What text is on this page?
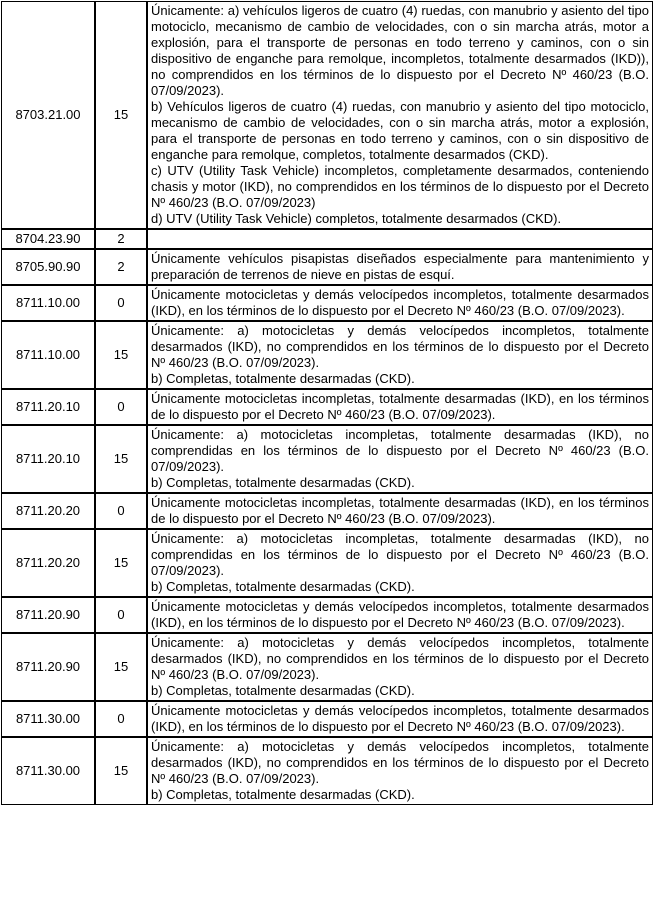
8703.21.00	15	Únicamente: a) vehículos ligeros de cuatro (4) ruedas, con manubrio y asiento del tipo motociclo, mecanismo de cambio de velocidades, con o sin marcha atrás, motor a explosión, para el transporte de personas en todo terreno y caminos, con o sin dispositivo de enganche para remolque, incompletos, totalmente desarmados (IKD)), no comprendidos en los términos de lo dispuesto por el Decreto Nº 460/23 (B.O. 07/09/2023).
b) Vehículos ligeros de cuatro (4) ruedas, con manubrio y asiento del tipo motociclo, mecanismo de cambio de velocidades, con o sin marcha atrás, motor a explosión, para el transporte de personas en todo terreno y caminos, con o sin dispositivo de enganche para remolque, completos, totalmente desarmados (CKD).
c) UTV (Utility Task Vehicle) incompletos, completamente desarmados, conteniendo chasis y motor (IKD), no comprendidos en los términos de lo dispuesto por el Decreto Nº 460/23 (B.O. 07/09/2023)
d) UTV (Utility Task Vehicle) completos, totalmente desarmados (CKD).

8704.23.90	2	
8705.90.90	2	Únicamente vehículos pisapistas diseñados especialmente para mantenimiento y preparación de terrenos de nieve en pistas de esquí.

8711.10.00	0	Únicamente motocicletas y demás velocípedos incompletos, totalmente desarmados (IKD), en los términos de lo dispuesto por el Decreto Nº 460/23 (B.O. 07/09/2023).

8711.10.00	15	Únicamente: a) motocicletas y demás velocípedos incompletos, totalmente desarmados (IKD), no comprendidos en los términos de lo dispuesto por el Decreto Nº 460/23 (B.O. 07/09/2023).
b) Completas, totalmente desarmadas (CKD).

8711.20.10	0	Únicamente motocicletas incompletas, totalmente desarmadas (IKD), en los términos de lo dispuesto por el Decreto Nº 460/23 (B.O. 07/09/2023).

8711.20.10	15	Únicamente: a) motocicletas incompletas, totalmente desarmadas (IKD), no comprendidas en los términos de lo dispuesto por el Decreto Nº 460/23 (B.O. 07/09/2023).
b) Completas, totalmente desarmadas (CKD).

8711.20.20	0	Únicamente motocicletas incompletas, totalmente desarmadas (IKD), en los términos de lo dispuesto por el Decreto Nº 460/23 (B.O. 07/09/2023).

8711.20.20	15	Únicamente: a) motocicletas incompletas, totalmente desarmadas (IKD), no comprendidas en los términos de lo dispuesto por el Decreto Nº 460/23 (B.O. 07/09/2023).
b) Completas, totalmente desarmadas (CKD).

8711.20.90	0	Únicamente motocicletas y demás velocípedos incompletos, totalmente desarmados (IKD), en los términos de lo dispuesto por el Decreto Nº 460/23 (B.O. 07/09/2023).

8711.20.90	15	Únicamente: a) motocicletas y demás velocípedos incompletos, totalmente desarmados (IKD), no comprendidos en los términos de lo dispuesto por el Decreto Nº 460/23 (B.O. 07/09/2023).
b) Completas, totalmente desarmadas (CKD).

8711.30.00	0	Únicamente motocicletas y demás velocípedos incompletos, totalmente desarmados (IKD), en los términos de lo dispuesto por el Decreto Nº 460/23 (B.O. 07/09/2023).

8711.30.00	15	Únicamente: a) motocicletas y demás velocípedos incompletos, totalmente desarmados (IKD), no comprendidos en los términos de lo dispuesto por el Decreto Nº 460/23 (B.O. 07/09/2023).
b) Completas, totalmente desarmadas (CKD).
